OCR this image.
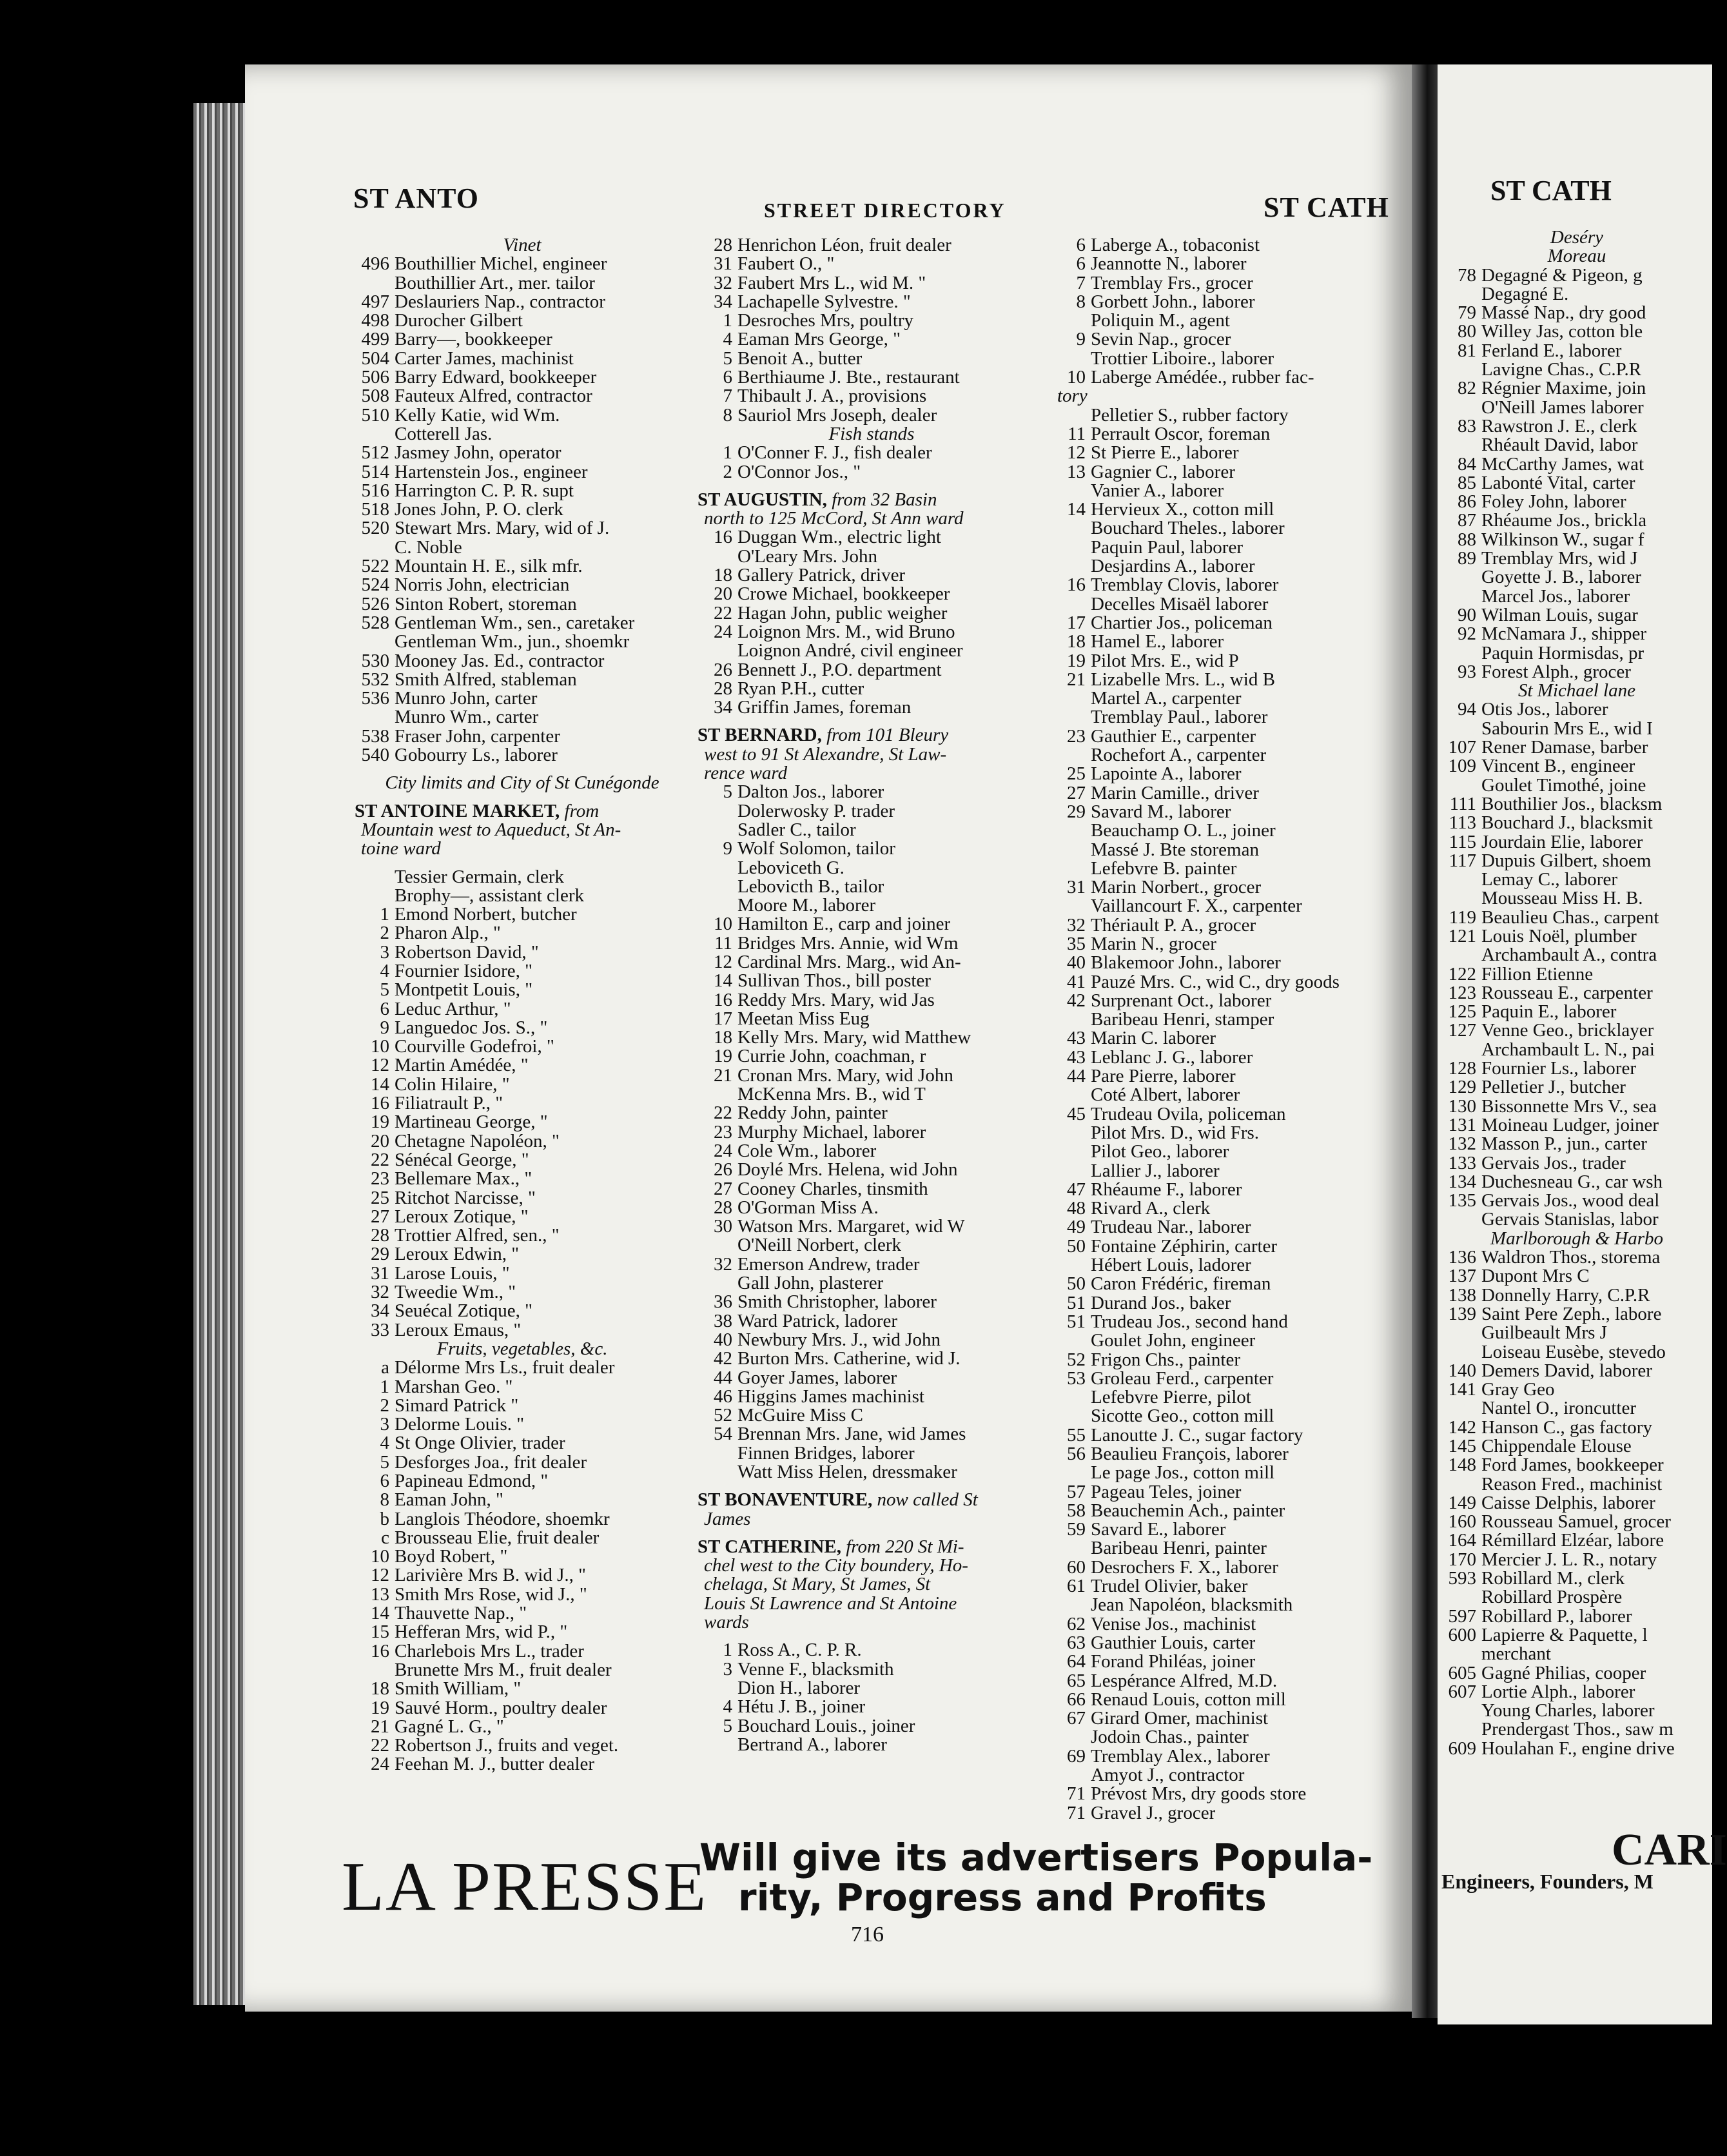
ST ANTO	STREET DIRECTORY	ST CATH
Vinet
496 Bouthillier Michel, engineer
Bouthillier Art., mer. tailor
497 Deslauriers Nap., contractor
498 Durocher Gilbert
499 Barry—, bookkeeper
504 Carter James, machinist
506 Barry Edward, bookkeeper
508 Fauteux Alfred, contractor
510 Kelly Katie, wid Wm.
Cotterell Jas.
512 Jasmey John, operator
514 Hartenstein Jos., engineer
516 Harrington C. P. R. supt
518 Jones John, P. O. clerk
520 Stewart Mrs. Mary, wid of J.
C. Noble
522 Mountain H. E., silk mfr.
524 Norris John, electrician
526 Sinton Robert, storeman
528 Gentleman Wm., sen., caretaker
Gentleman Wm., jun., shoemkr
530 Mooney Jas. Ed., contractor
532 Smith Alfred, stableman
536 Munro John, carter
Munro Wm., carter
538 Fraser John, carpenter
540 Gobourry Ls., laborer
City limits and City of St Cunégonde
ST ANTOINE MARKET, from
Mountain west to Aqueduct, St An-
toine ward
Tessier Germain, clerk
Brophy—, assistant clerk
1 Emond Norbert, butcher
2 Pharon Alp., "
3 Robertson David, "
4 Fournier Isidore, "
5 Montpetit Louis, "
6 Leduc Arthur, "
9 Languedoc Jos. S., "
10 Courville Godefroi, "
12 Martin Amédée, "
14 Colin Hilaire, "
16 Filiatrault P., "
19 Martineau George, "
20 Chetagne Napoléon, "
22 Sénécal George, "
23 Bellemare Max., "
25 Ritchot Narcisse, "
27 Leroux Zotique, "
28 Trottier Alfred, sen., "
29 Leroux Edwin, "
31 Larose Louis, "
32 Tweedie Wm., "
34 Seuécal Zotique, "
33 Leroux Emaus, "
Fruits, vegetables, &c.
a Délorme Mrs Ls., fruit dealer
1 Marshan Geo. "
2 Simard Patrick "
3 Delorme Louis. "
4 St Onge Olivier, trader
5 Desforges Joa., frit dealer
6 Papineau Edmond, "
8 Eaman John, "
b Langlois Théodore, shoemkr
c Brousseau Elie, fruit dealer
10 Boyd Robert, "
12 Larivière Mrs B. wid J., "
13 Smith Mrs Rose, wid J., "
14 Thauvette Nap., "
15 Hefferan Mrs, wid P., "
16 Charlebois Mrs L., trader
Brunette Mrs M., fruit dealer
18 Smith William, "
19 Sauvé Horm., poultry dealer
21 Gagné L. G., "
22 Robertson J., fruits and veget.
24 Feehan M. J., butter dealer
28 Henrichon Léon, fruit dealer
31 Faubert O., "
32 Faubert Mrs L., wid M. "
34 Lachapelle Sylvestre. "
1 Desroches Mrs, poultry
4 Eaman Mrs George, "
5 Benoit A., butter
6 Berthiaume J. Bte., restaurant
7 Thibault J. A., provisions
8 Sauriol Mrs Joseph, dealer
Fish stands
1 O'Conner F. J., fish dealer
2 O'Connor Jos., "
ST AUGUSTIN, from 32 Basin
north to 125 McCord, St Ann ward
16 Duggan Wm., electric light
O'Leary Mrs. John
18 Gallery Patrick, driver
20 Crowe Michael, bookkeeper
22 Hagan John, public weigher
24 Loignon Mrs. M., wid Bruno
Loignon André, civil engineer
26 Bennett J., P.O. department
28 Ryan P.H., cutter
34 Griffin James, foreman
ST BERNARD, from 101 Bleury
west to 91 St Alexandre, St Law-
rence ward
5 Dalton Jos., laborer
Dolerwosky P. trader
Sadler C., tailor
9 Wolf Solomon, tailor
Leboviceth G.
Lebovicth B., tailor
Moore M., laborer
10 Hamilton E., carp and joiner
11 Bridges Mrs. Annie, wid Wm
12 Cardinal Mrs. Marg., wid An-
14 Sullivan Thos., bill poster
16 Reddy Mrs. Mary, wid Jas
17 Meetan Miss Eug
18 Kelly Mrs. Mary, wid Matthew
19 Currie John, coachman, r
21 Cronan Mrs. Mary, wid John
McKenna Mrs. B., wid T
22 Reddy John, painter
23 Murphy Michael, laborer
24 Cole Wm., laborer
26 Doylé Mrs. Helena, wid John
27 Cooney Charles, tinsmith
28 O'Gorman Miss A.
30 Watson Mrs. Margaret, wid W
O'Neill Norbert, clerk
32 Emerson Andrew, trader
Gall John, plasterer
36 Smith Christopher, laborer
38 Ward Patrick, ladorer
40 Newbury Mrs. J., wid John
42 Burton Mrs. Catherine, wid J.
44 Goyer James, laborer
46 Higgins James machinist
52 McGuire Miss C
54 Brennan Mrs. Jane, wid James
Finnen Bridges, laborer
Watt Miss Helen, dressmaker
ST BONAVENTURE, now called St
James
ST CATHERINE, from 220 St Mi-
chel west to the City boundery, Ho-
chelaga, St Mary, St James, St
Louis St Lawrence and St Antoine
wards
1 Ross A., C. P. R.
3 Venne F., blacksmith
Dion H., laborer
4 Hétu J. B., joiner
5 Bouchard Louis., joiner
Bertrand A., laborer
6 Laberge A., tobaconist
6 Jeannotte N., laborer
7 Tremblay Frs., grocer
8 Gorbett John., laborer
Poliquin M., agent
9 Sevin Nap., grocer
Trottier Liboire., laborer
10 Laberge Amédée., rubber fac-
tory
Pelletier S., rubber factory
11 Perrault Oscor, foreman
12 St Pierre E., laborer
13 Gagnier C., laborer
Vanier A., laborer
14 Hervieux X., cotton mill
Bouchard Theles., laborer
Paquin Paul, laborer
Desjardins A., laborer
16 Tremblay Clovis, laborer
Decelles Misaël laborer
17 Chartier Jos., policeman
18 Hamel E., laborer
19 Pilot Mrs. E., wid P
21 Lizabelle Mrs. L., wid B
Martel A., carpenter
Tremblay Paul., laborer
23 Gauthier E., carpenter
Rochefort A., carpenter
25 Lapointe A., laborer
27 Marin Camille., driver
29 Savard M., laborer
Beauchamp O. L., joiner
Massé J. Bte storeman
Lefebvre B. painter
31 Marin Norbert., grocer
Vaillancourt F. X., carpenter
32 Thériault P. A., grocer
35 Marin N., grocer
40 Blakemoor John., laborer
41 Pauzé Mrs. C., wid C., dry goods
42 Surprenant Oct., laborer
Baribeau Henri, stamper
43 Marin C. laborer
43 Leblanc J. G., laborer
44 Pare Pierre, laborer
Coté Albert, laborer
45 Trudeau Ovila, policeman
Pilot Mrs. D., wid Frs.
Pilot Geo., laborer
Lallier J., laborer
47 Rhéaume F., laborer
48 Rivard A., clerk
49 Trudeau Nar., laborer
50 Fontaine Zéphirin, carter
Hébert Louis, ladorer
50 Caron Frédéric, fireman
51 Durand Jos., baker
51 Trudeau Jos., second hand
Goulet John, engineer
52 Frigon Chs., painter
53 Groleau Ferd., carpenter
Lefebvre Pierre, pilot
Sicotte Geo., cotton mill
55 Lanoutte J. C., sugar factory
56 Beaulieu François, laborer
Le page Jos., cotton mill
57 Pageau Teles, joiner
58 Beauchemin Ach., painter
59 Savard E., laborer
Baribeau Henri, painter
60 Desrochers F. X., laborer
61 Trudel Olivier, baker
Jean Napoléon, blacksmith
62 Venise Jos., machinist
63 Gauthier Louis, carter
64 Forand Philéas, joiner
65 Lespérance Alfred, M.D.
66 Renaud Louis, cotton mill
67 Girard Omer, machinist
Jodoin Chas., painter
69 Tremblay Alex., laborer
Amyot J., contractor
71 Prévost Mrs, dry goods store
71 Gravel J., grocer
Deséry
Moreau
78 Degagné & Pigeon, g
Degagné E.
79 Massé Nap., dry good
80 Willey Jas, cotton ble
81 Ferland E., laborer
Lavigne Chas., C.P.R
82 Régnier Maxime, join
O'Neill James laborer
83 Rawstron J. E., clerk
Rhéault David, labor
84 McCarthy James, wat
85 Labonté Vital, carter
86 Foley John, laborer
87 Rhéaume Jos., brickla
88 Wilkinson W., sugar f
89 Tremblay Mrs, wid J
Goyette J. B., laborer
Marcel Jos., laborer
90 Wilman Louis, sugar
92 McNamara J., shipper
Paquin Hormisdas, pr
93 Forest Alph., grocer
St Michael lane
94 Otis Jos., laborer
Sabourin Mrs E., wid I
107 Rener Damase, barber
109 Vincent B., engineer
Goulet Timothé, joine
111 Bouthilier Jos., blacksm
113 Bouchard J., blacksmit
115 Jourdain Elie, laborer
117 Dupuis Gilbert, shoem
Lemay C., laborer
Mousseau Miss H. B.
119 Beaulieu Chas., carpent
121 Louis Noël, plumber
Archambault A., contra
122 Fillion Etienne
123 Rousseau E., carpenter
125 Paquin E., laborer
127 Venne Geo., bricklayer
Archambault L. N., pai
128 Fournier Ls., laborer
129 Pelletier J., butcher
130 Bissonnette Mrs V., sea
131 Moineau Ludger, joiner
132 Masson P., jun., carter
133 Gervais Jos., trader
134 Duchesneau G., car wsh
135 Gervais Jos., wood deal
Gervais Stanislas, labor
Marlborough & Harbo
136 Waldron Thos., storema
137 Dupont Mrs C
138 Donnelly Harry, C.P.R
139 Saint Pere Zeph., labore
Guilbeault Mrs J
Loiseau Eusèbe, stevedo
140 Demers David, laborer
141 Gray Geo
Nantel O., ironcutter
142 Hanson C., gas factory
145 Chippendale Elouse
148 Ford James, bookkeeper
Reason Fred., machinist
149 Caisse Delphis, laborer
160 Rousseau Samuel, grocer
164 Rémillard Elzéar, labore
170 Mercier J. L. R., notary
593 Robillard M., clerk
Robillard Prospère
597 Robillard P., laborer
600 Lapierre & Paquette, l
merchant
605 Gagné Philias, cooper
607 Lortie Alph., laborer
Young Charles, laborer
Prendergast Thos., saw m
609 Houlahan F., engine drive
LA PRESSE
Will give its advertisers Popula-
rity, Progress and Profits
716
ST CATH
CARI
Engineers, Founders, M
